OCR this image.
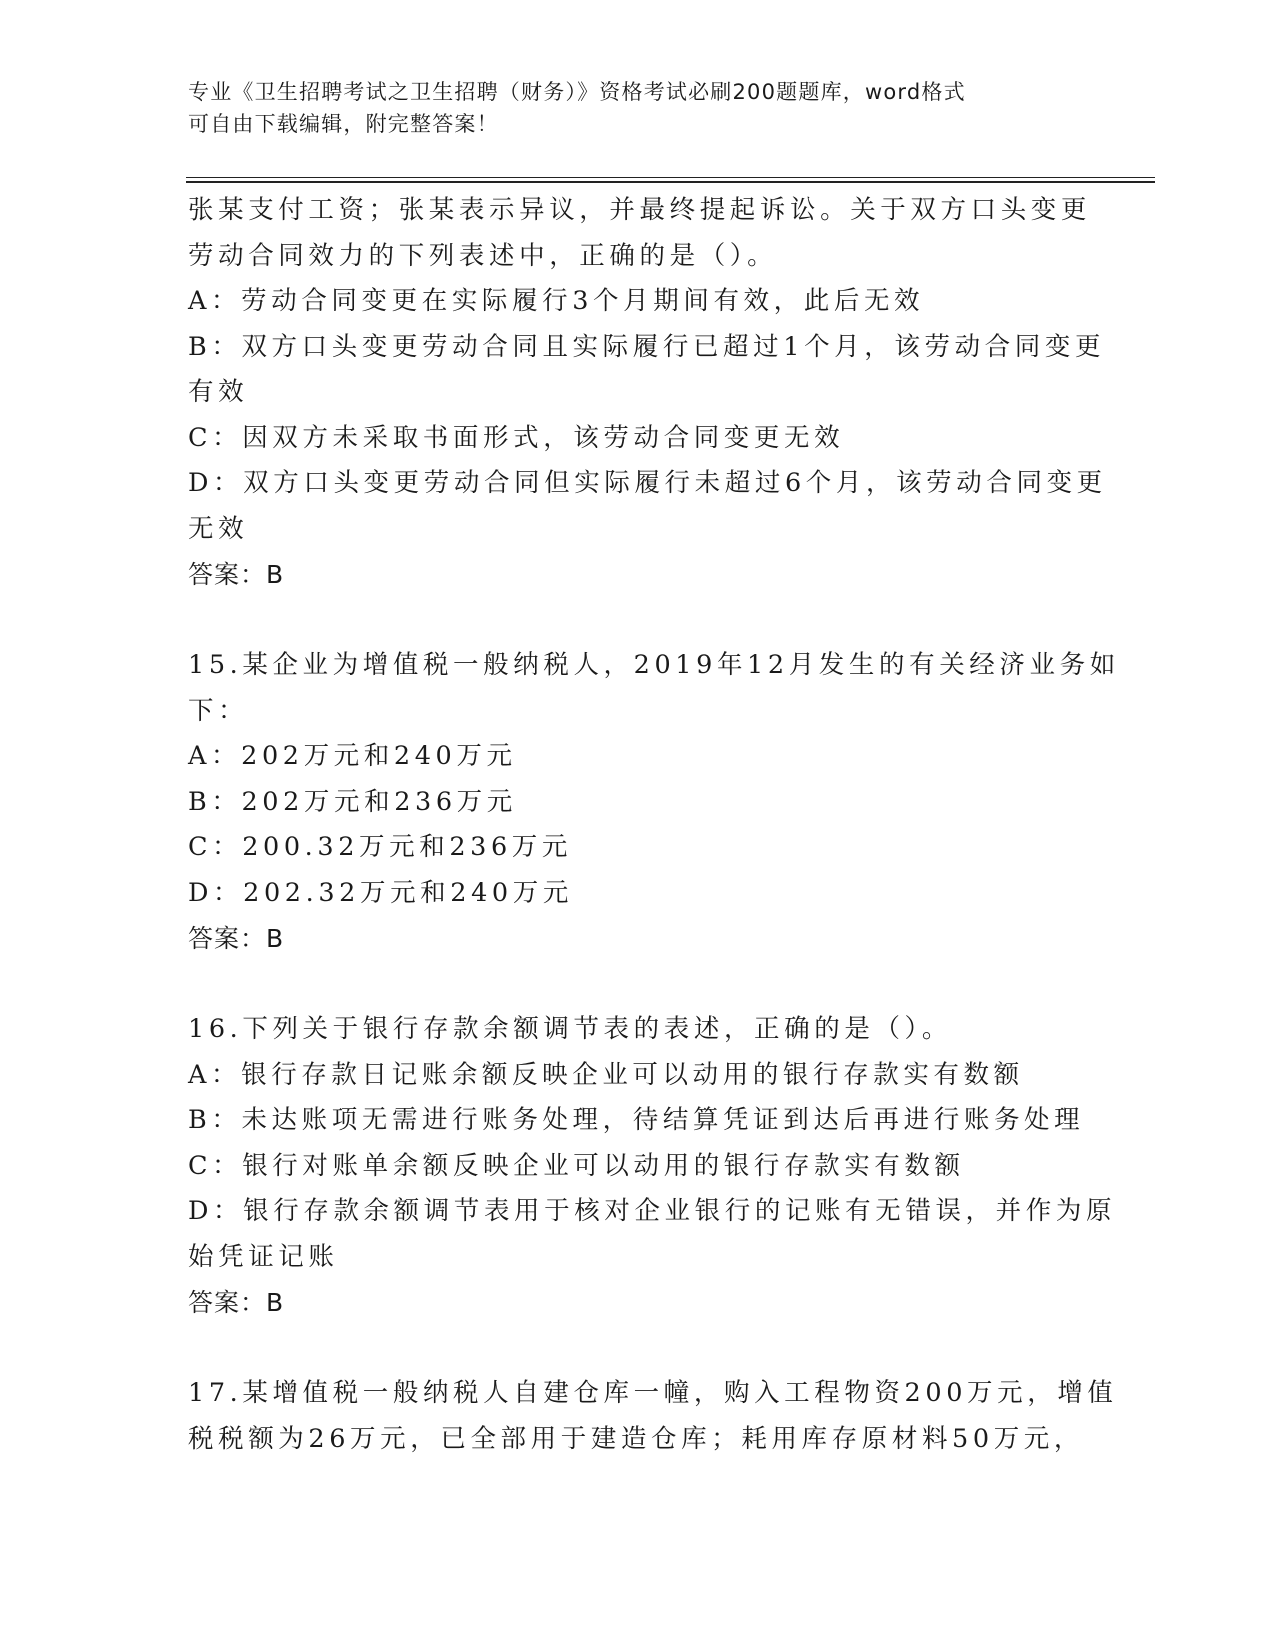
专业《卫生招聘考试之卫生招聘（财务）》资格考试必刷200题题库，word格式
可自由下载编辑，附完整答案！
张某支付工资；张某表示异议，并最终提起诉讼。关于双方口头变更
劳动合同效力的下列表述中，正确的是（）。
A：劳动合同变更在实际履行3个月期间有效，此后无效
B：双方口头变更劳动合同且实际履行已超过1个月，该劳动合同变更
有效
C：因双方未采取书面形式，该劳动合同变更无效
D：双方口头变更劳动合同但实际履行未超过6个月，该劳动合同变更
无效
答案：B
15.某企业为增值税一般纳税人，2019年12月发生的有关经济业务如
下：
A：202万元和240万元
B：202万元和236万元
C：200.32万元和236万元
D：202.32万元和240万元
答案：B
16.下列关于银行存款余额调节表的表述，正确的是（）。
A：银行存款日记账余额反映企业可以动用的银行存款实有数额
B：未达账项无需进行账务处理，待结算凭证到达后再进行账务处理
C：银行对账单余额反映企业可以动用的银行存款实有数额
D：银行存款余额调节表用于核对企业银行的记账有无错误，并作为原
始凭证记账
答案：B
17.某增值税一般纳税人自建仓库一幢，购入工程物资200万元，增值
税税额为26万元，已全部用于建造仓库；耗用库存原材料50万元，
